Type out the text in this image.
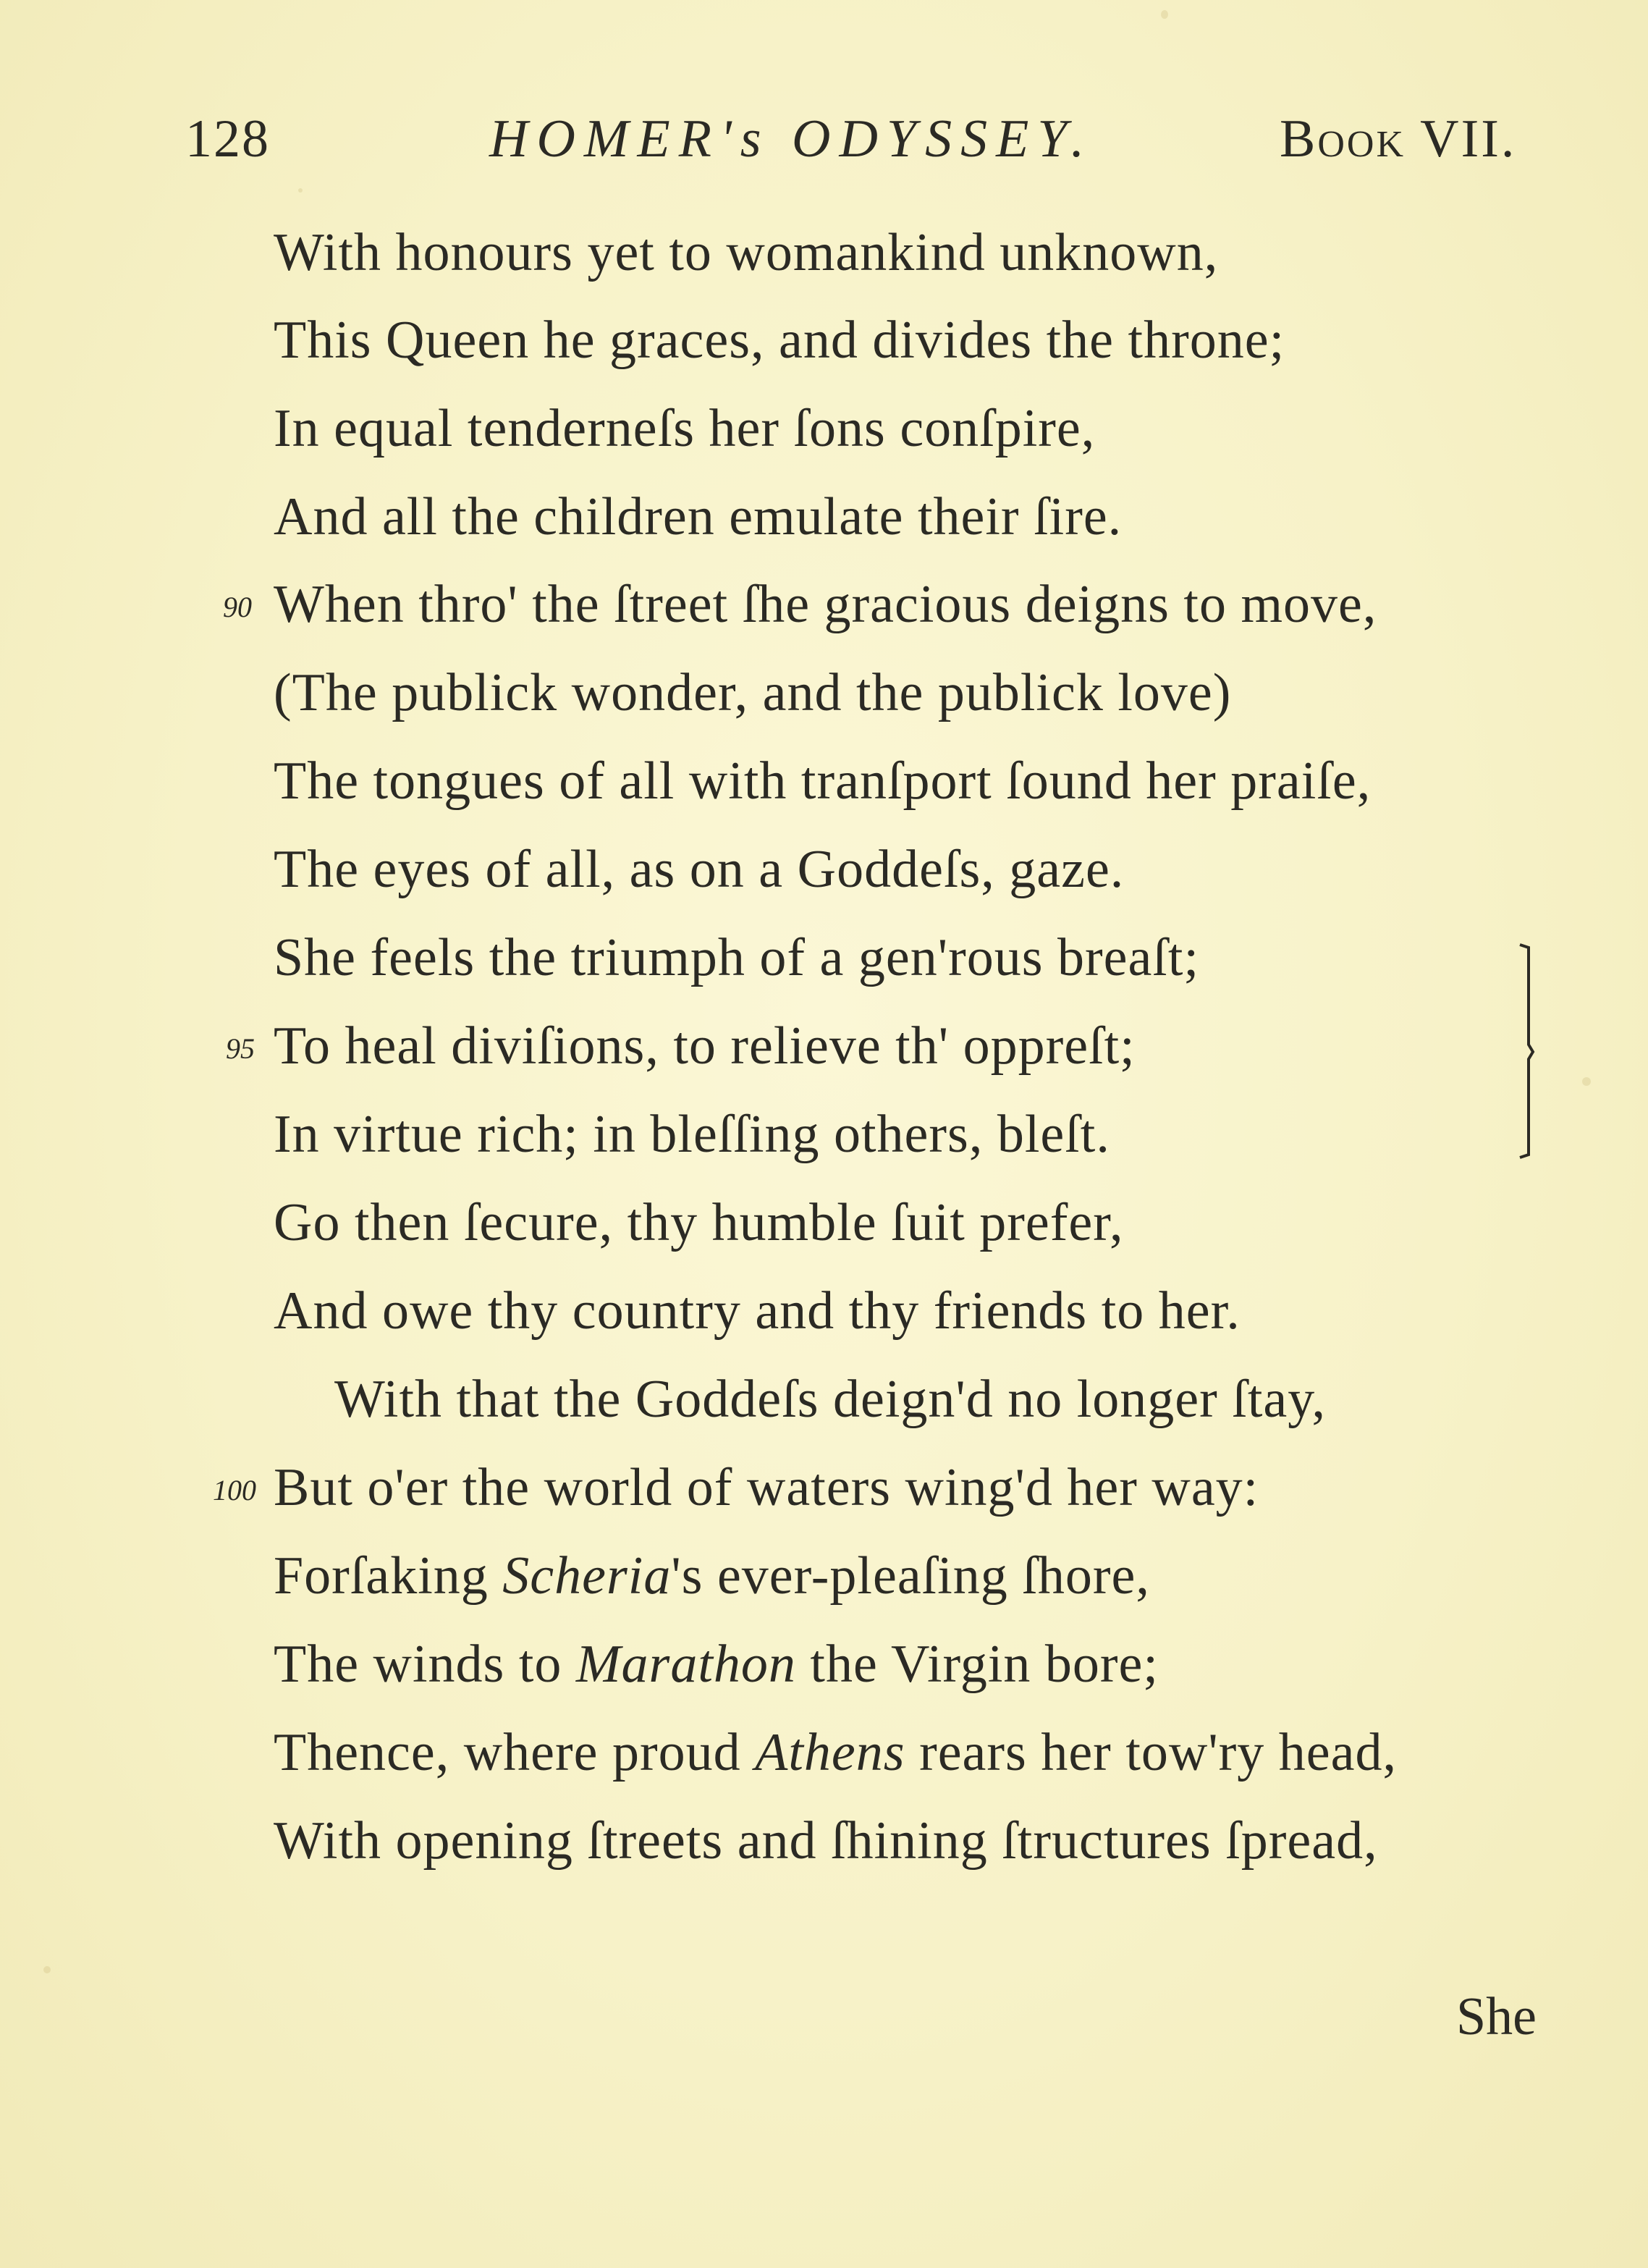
128	HOMER's ODYSSEY.	Book VII.
With honours yet to womankind unknown,
This Queen he graces, and divides the throne;
In equal tenderneſs her ſons conſpire,
And all the children emulate their ſire.
90 When thro' the ſtreet ſhe gracious deigns to move,
(The publick wonder, and the publick love)
The tongues of all with tranſport ſound her praiſe,
The eyes of all, as on a Goddeſs, gaze.
She feels the triumph of a gen'rous breaſt;
95 To heal diviſions, to relieve th' oppreſt;
In virtue rich; in bleſſing others, bleſt.
Go then ſecure, thy humble ſuit prefer,
And owe thy country and thy friends to her.
With that the Goddeſs deign'd no longer ſtay,
100 But o'er the world of waters wing'd her way:
Forſaking Scheria's ever-pleaſing ſhore,
The winds to Marathon the Virgin bore;
Thence, where proud Athens rears her tow'ry head,
With opening ſtreets and ſhining ſtructures ſpread,
She
